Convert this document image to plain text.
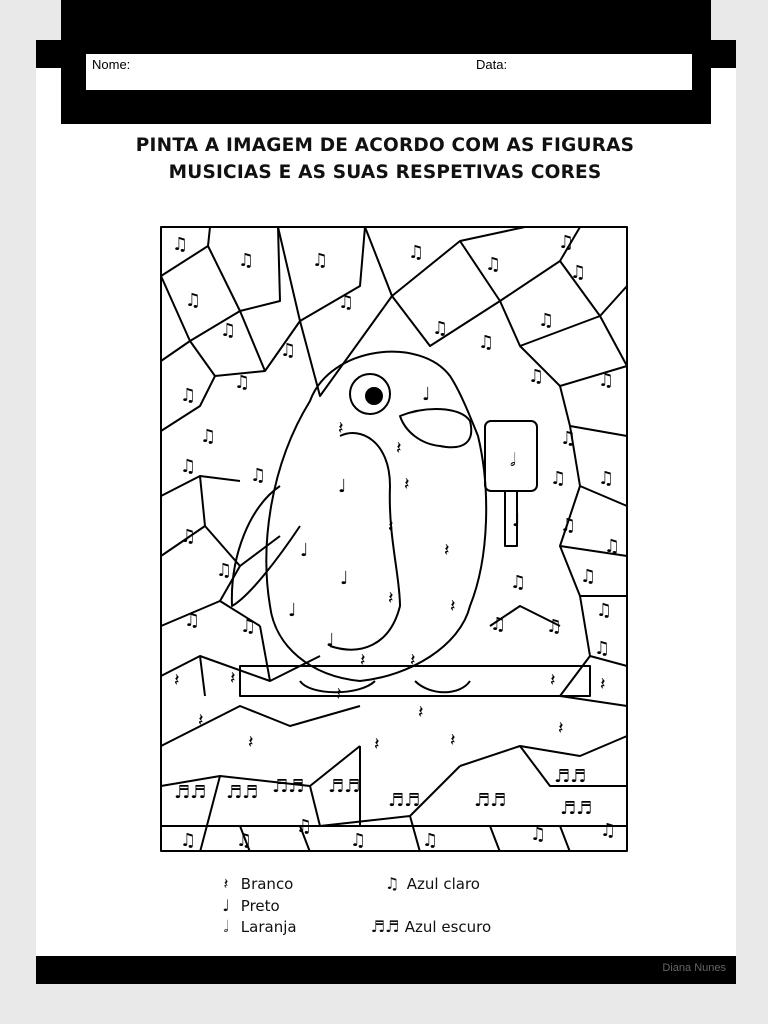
Nome:	Data:
PINTA A IMAGEM DE ACORDO COM AS FIGURAS MUSICIAS E AS SUAS RESPETIVAS CORES
♫
♫	♫	♫
♫
♫
♫
♫
♫
♫	♫
♫
♫	♫
♫
♫
♫
♫	♫
♫
♫	♫	♫ ♫
♫
♫
♫
♫
♫
♫
♫ ♫	♫ ♫
♫
♫
♫ ♫
♫
♫	♫	♫	♫
♬♬ ♬♬ ♬♬ ♬♬
♬♬	♬♬
♬♬
♬♬
♩
𝅗𝅥
♩
♩
♩
♩
♩
♩
𝄽
𝄽
𝄽
𝄽
𝄽
𝄽	𝄽
𝄽 𝄽
𝄽	𝄽
𝄽
𝄽	𝄽
𝄽
𝄽
𝄽 𝄽
𝄽
𝄽
𝄽 Branco
♩ Preto
𝅗𝅥 Laranja
♫ Azul claro
♬♬ Azul escuro
Diana Nunes
